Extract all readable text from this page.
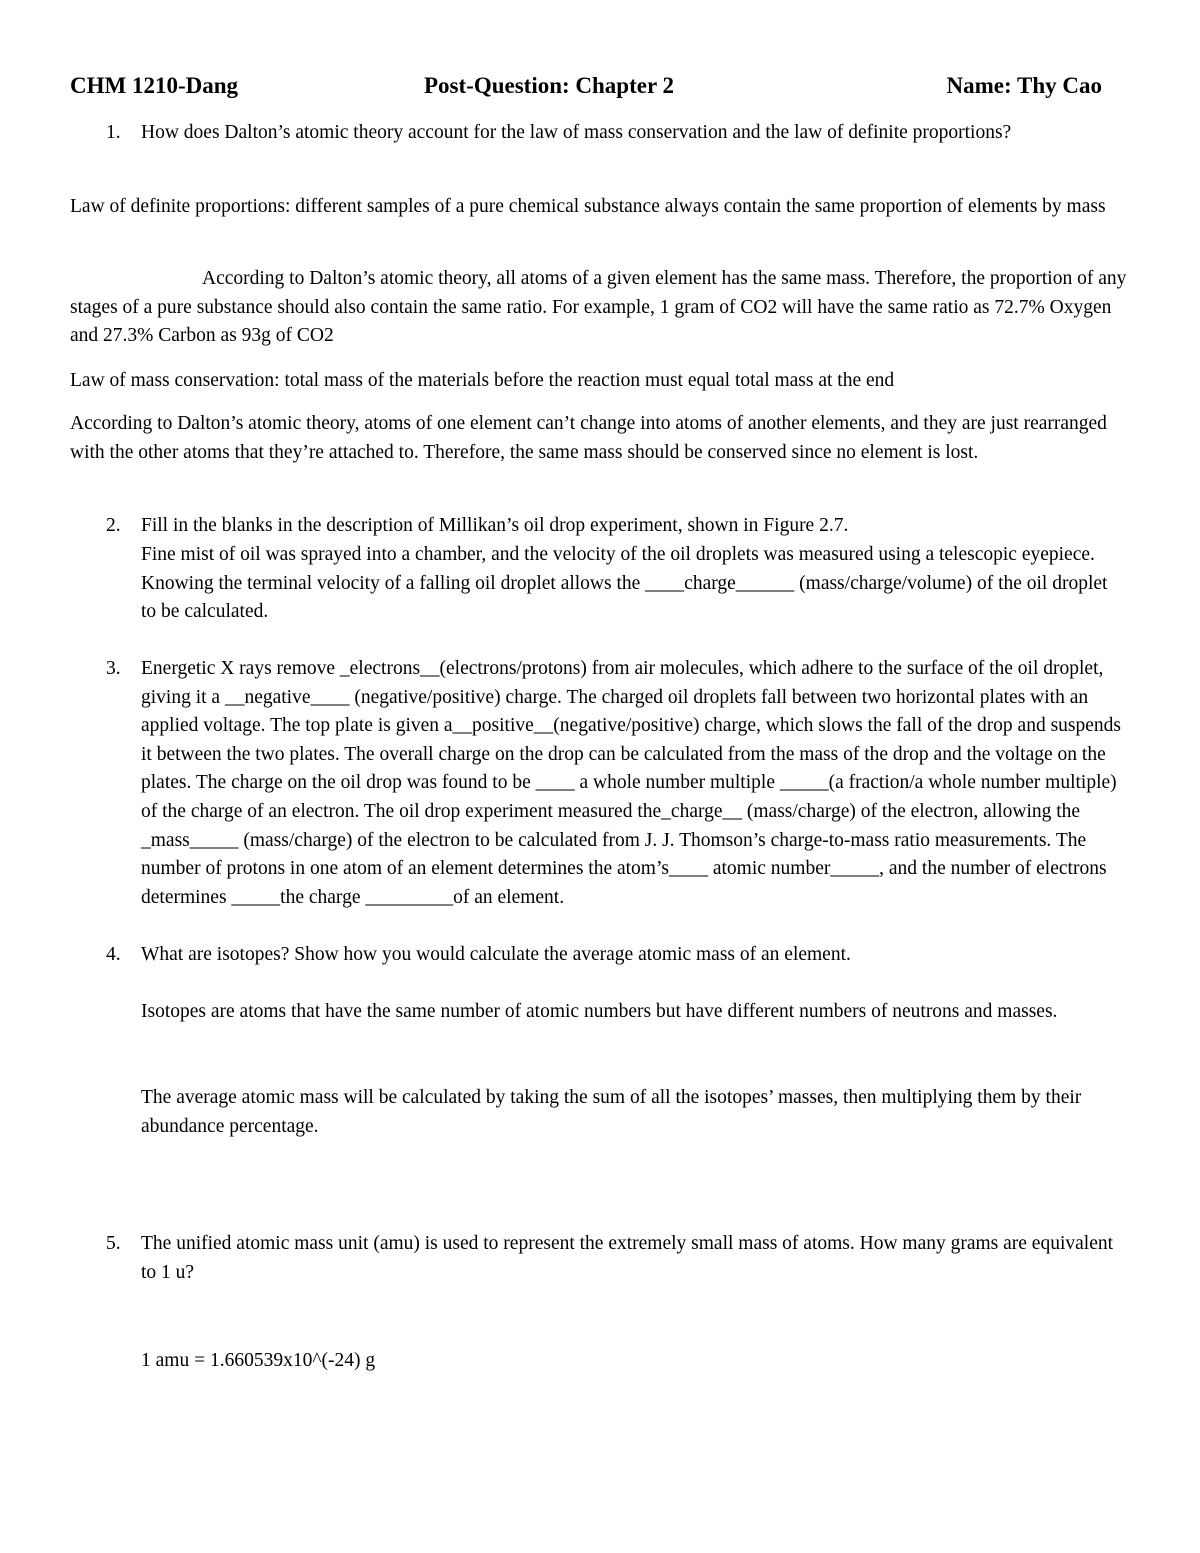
CHM 1210-Dang	Post-Question: Chapter 2	Name: Thy Cao
1. How does Dalton’s atomic theory account for the law of mass conservation and the law of definite proportions?

Law of definite proportions: different samples of a pure chemical substance always contain the same proportion of elements by mass

According to Dalton’s atomic theory, all atoms of a given element has the same mass. Therefore, the proportion of any stages of a pure substance should also contain the same ratio. For example, 1 gram of CO2 will have the same ratio as 72.7% Oxygen and 27.3% Carbon as 93g of CO2

Law of mass conservation: total mass of the materials before the reaction must equal total mass at the end

According to Dalton’s atomic theory, atoms of one element can’t change into atoms of another elements, and they are just rearranged with the other atoms that they’re attached to. Therefore, the same mass should be conserved since no element is lost.

2. Fill in the blanks in the description of Millikan’s oil drop experiment, shown in Figure 2.7.

Fine mist of oil was sprayed into a chamber, and the velocity of the oil droplets was measured using a telescopic eyepiece. Knowing the terminal velocity of a falling oil droplet allows the ____charge______ (mass/charge/volume) of the oil droplet to be calculated.

3. Energetic X rays remove _electrons__(electrons/protons) from air molecules, which adhere to the surface of the oil droplet, giving it a __negative____ (negative/positive) charge. The charged oil droplets fall between two horizontal plates with an applied voltage. The top plate is given a__positive__(negative/positive) charge, which slows the fall of the drop and suspends it between the two plates. The overall charge on the drop can be calculated from the mass of the drop and the voltage on the plates. The charge on the oil drop was found to be ____ a whole number multiple _____(a fraction/a whole number multiple) of the charge of an electron. The oil drop experiment measured the_charge__ (mass/charge) of the electron, allowing the _mass_____ (mass/charge) of the electron to be calculated from J. J. Thomson’s charge-to-mass ratio measurements. The number of protons in one atom of an element determines the atom’s____ atomic number_____, and the number of electrons determines _____the charge _________of an element.

4. What are isotopes? Show how you would calculate the average atomic mass of an element.

Isotopes are atoms that have the same number of atomic numbers but have different numbers of neutrons and masses.

The average atomic mass will be calculated by taking the sum of all the isotopes’ masses, then multiplying them by their abundance percentage.

5. The unified atomic mass unit (amu) is used to represent the extremely small mass of atoms. How many grams are equivalent to 1 u?

1 amu = 1.660539x10^(-24) g
